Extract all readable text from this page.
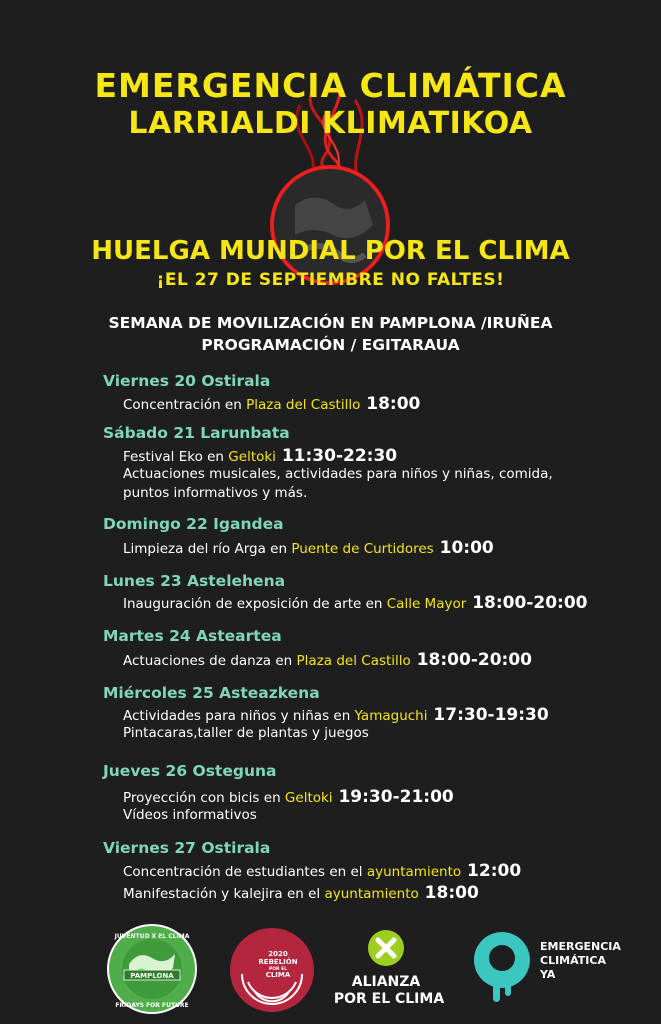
EMERGENCIA CLIMÁTICA
LARRIALDI KLIMATIKOA
HUELGA MUNDIAL POR EL CLIMA
¡EL 27 DE SEPTIEMBRE NO FALTES!
SEMANA DE MOVILIZACIÓN EN PAMPLONA /IRUÑEA
PROGRAMACIÓN / EGITARAUA
Viernes 20 Ostirala
Concentración en Plaza del Castillo 18:00
Sábado 21 Larunbata
Festival Eko en Geltoki 11:30-22:30
Actuaciones musicales, actividades para niños y niñas, comida,
puntos informativos y más.
Domingo 22 Igandea
Limpieza del río Arga en Puente de Curtidores 10:00
Lunes 23 Astelehena
Inauguración de exposición de arte en Calle Mayor 18:00-20:00
Martes 24 Asteartea
Actuaciones de danza en Plaza del Castillo 18:00-20:00
Miércoles 25 Asteazkena
Actividades para niños y niñas en Yamaguchi 17:30-19:30
Pintacaras,taller de plantas y juegos
Jueves 26 Osteguna
Proyección con bicis en Geltoki 19:30-21:00
Vídeos informativos
Viernes 27 Ostirala
Concentración de estudiantes en el ayuntamiento 12:00
Manifestación y kalejira en el ayuntamiento 18:00
JUVENTUD X EL CLIMA
PAMPLONA
FRIDAYS FOR FUTURE
2020
REBELIÓN
POR EL
CLIMA	ALIANZA
POR EL CLIMA
EMERGENCIA
CLIMÁTICA
YA
